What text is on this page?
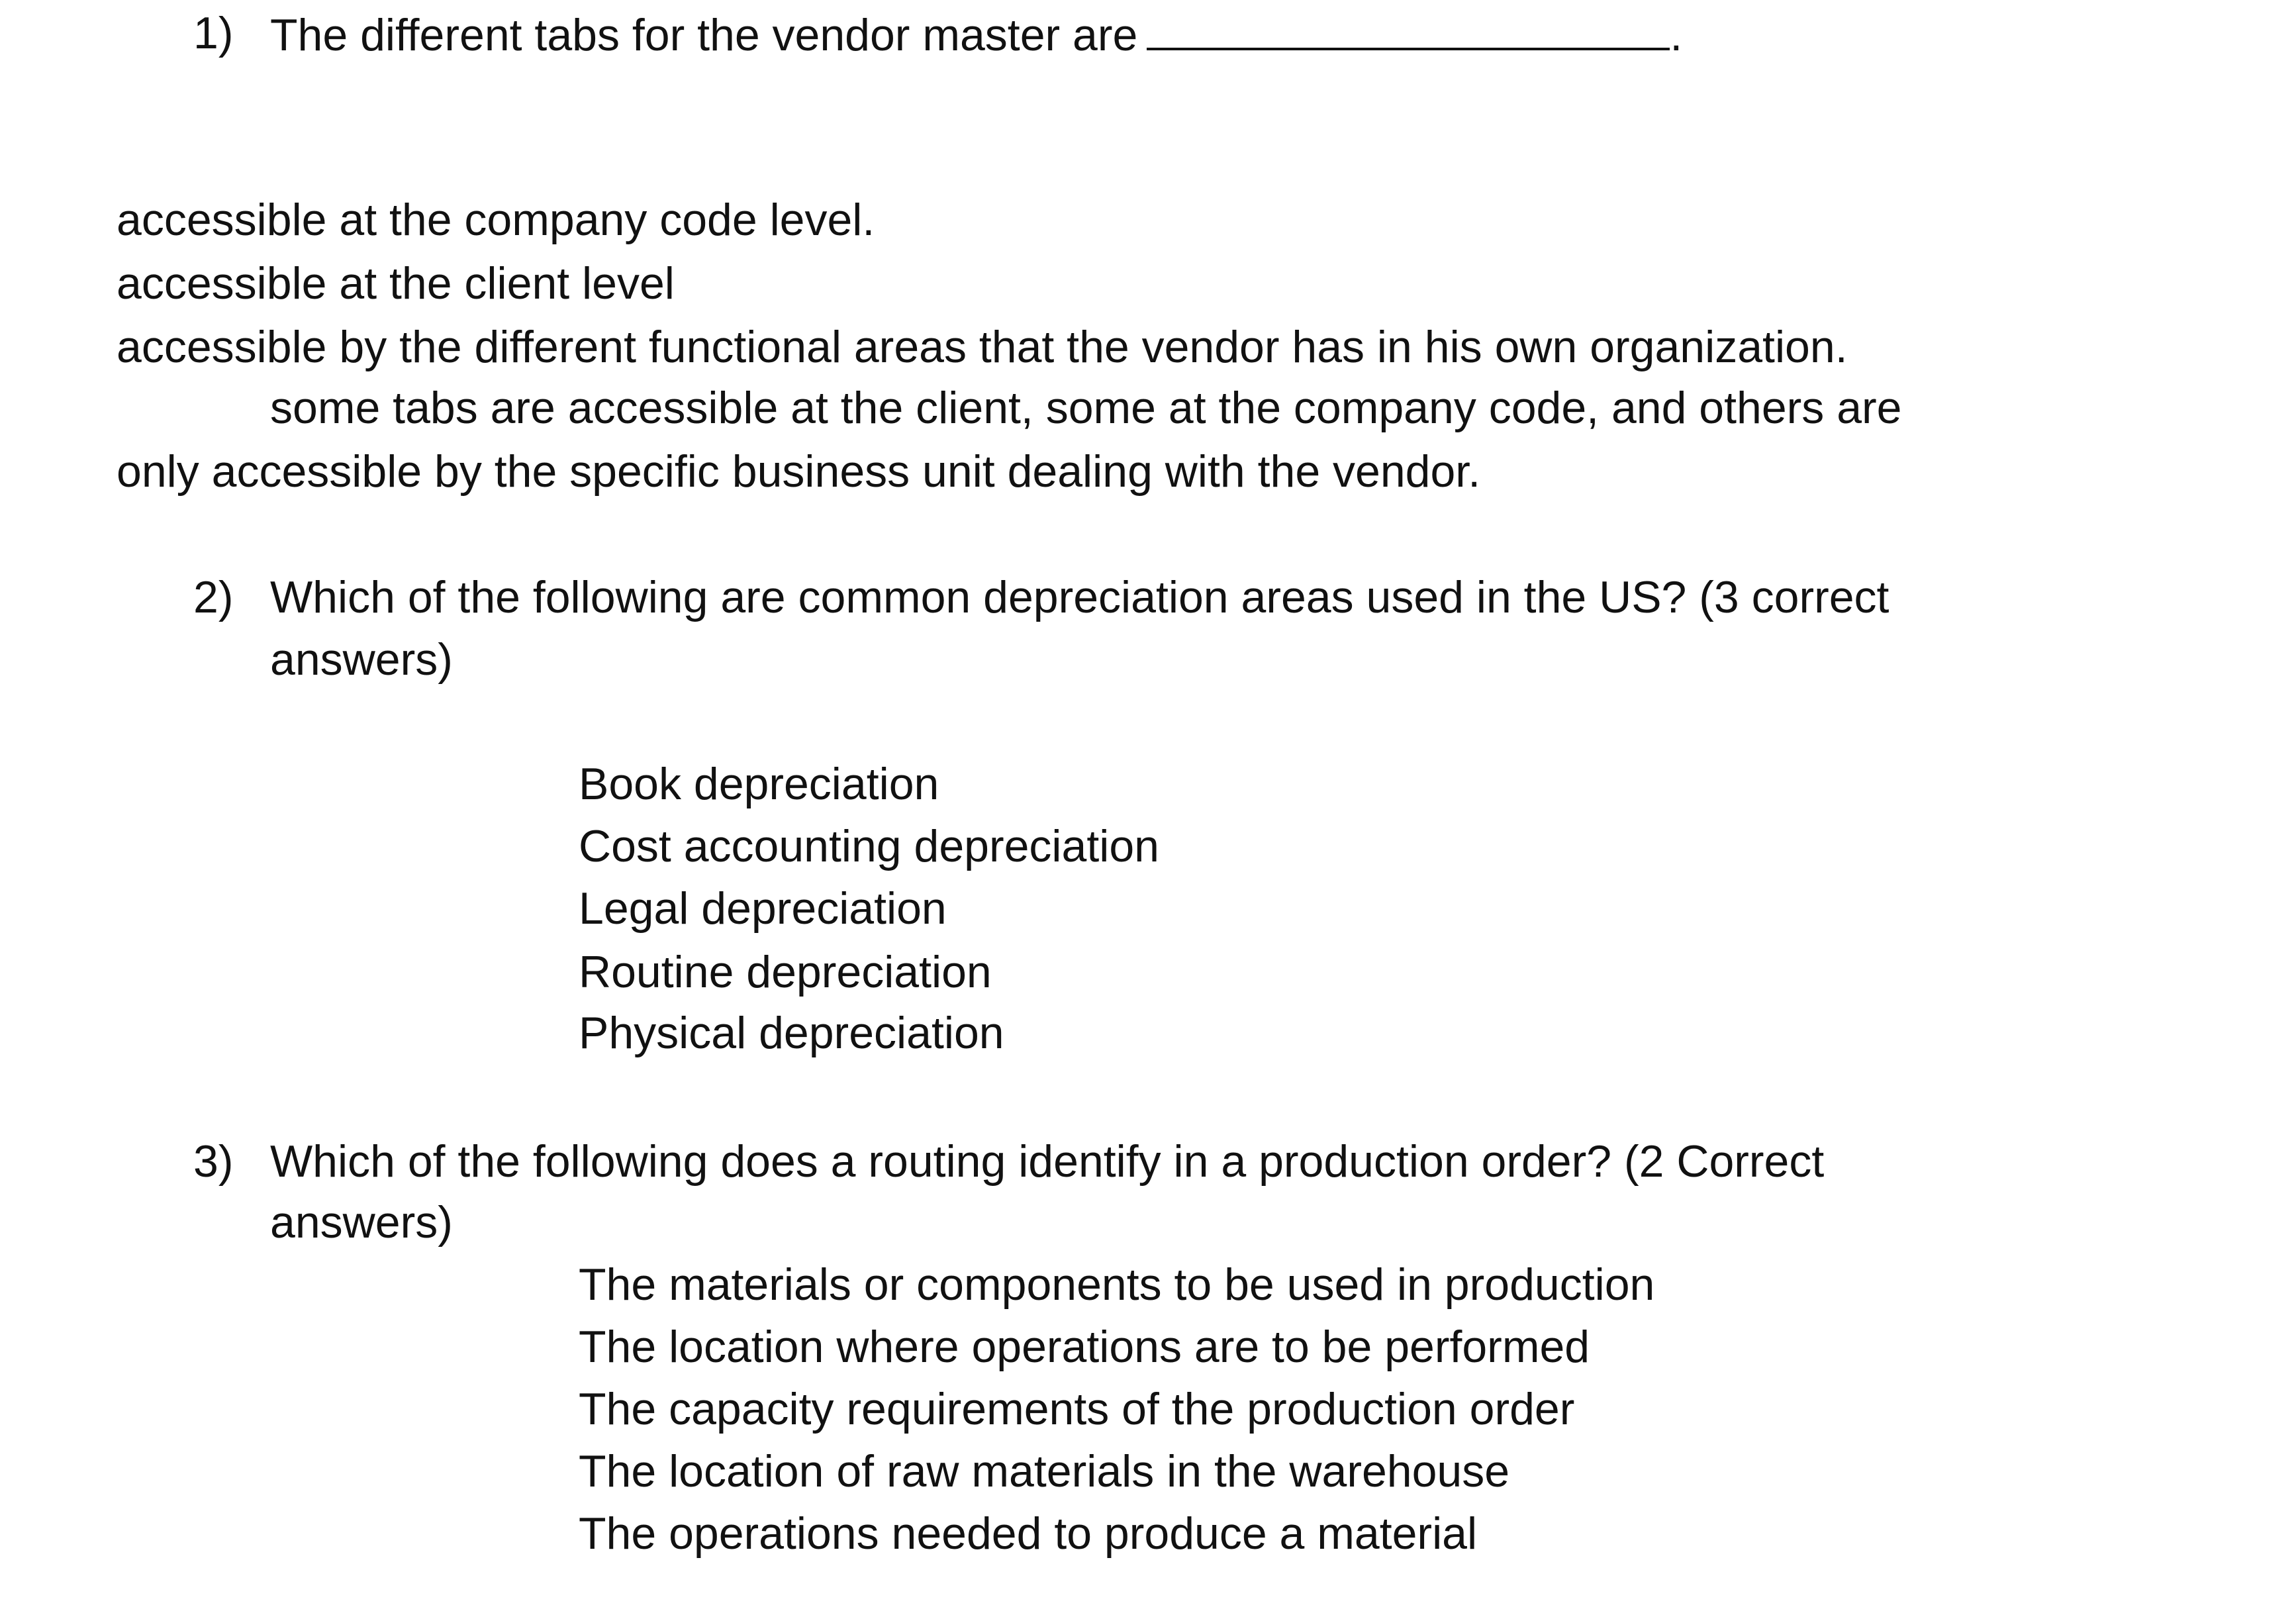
1) The different tabs for the vendor master are	.
accessible at the company code level.
accessible at the client level
accessible by the different functional areas that the vendor has in his own organization.
some tabs are accessible at the client, some at the company code, and others are
only accessible by the specific business unit dealing with the vendor.
2) Which of the following are common depreciation areas used in the US? (3 correct
answers)
Book depreciation
Cost accounting depreciation
Legal depreciation
Routine depreciation
Physical depreciation
3) Which of the following does a routing identify in a production order? (2 Correct
answers)
The materials or components to be used in production
The location where operations are to be performed
The capacity requirements of the production order
The location of raw materials in the warehouse
The operations needed to produce a material
